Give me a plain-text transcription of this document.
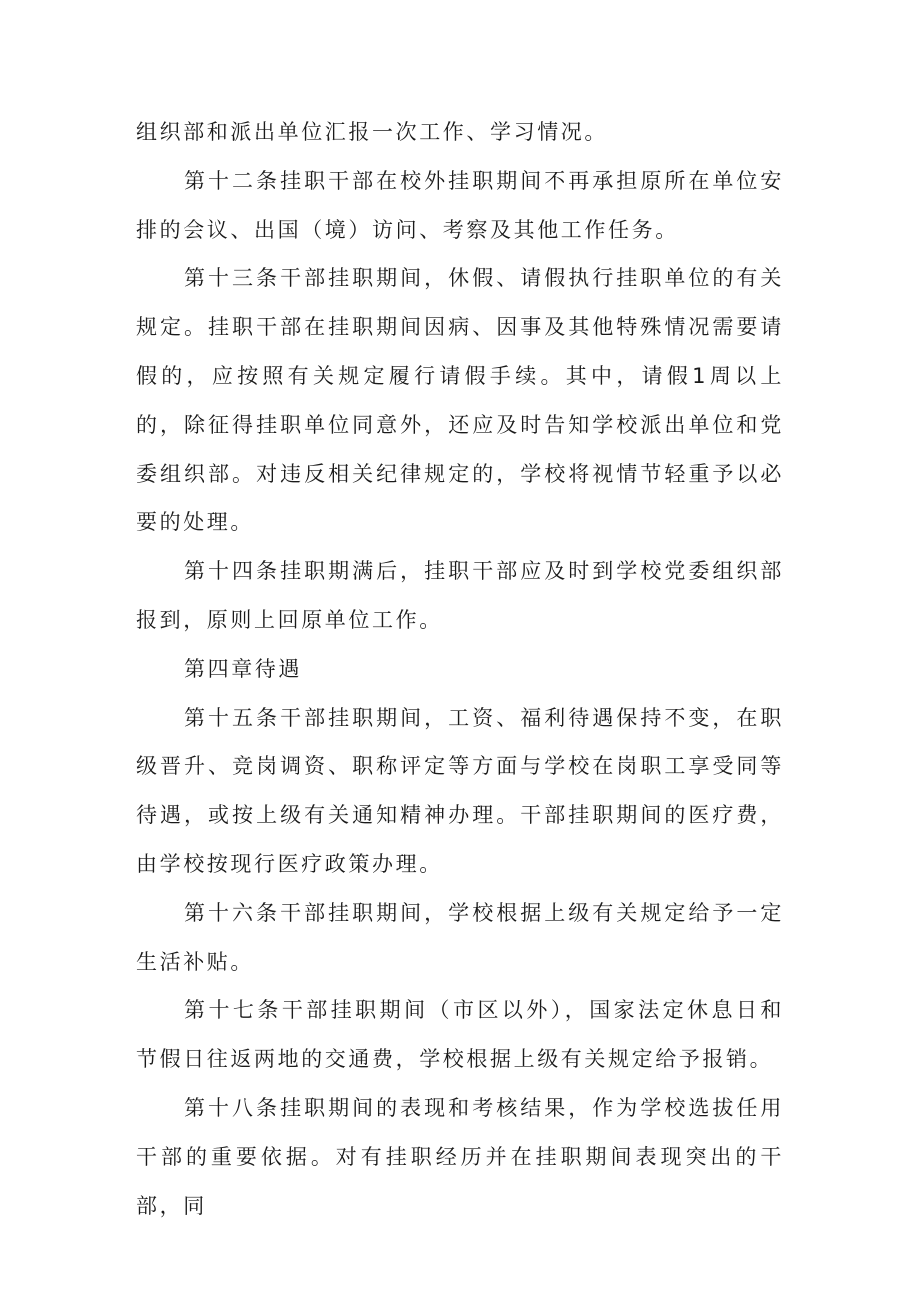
组织部和派出单位汇报一次工作、学习情况。

第十二条挂职干部在校外挂职期间不再承担原所在单位安排的会议、出国（境）访问、考察及其他工作任务。

第十三条干部挂职期间，休假、请假执行挂职单位的有关规定。挂职干部在挂职期间因病、因事及其他特殊情况需要请假的，应按照有关规定履行请假手续。其中，请假1周以上的，除征得挂职单位同意外，还应及时告知学校派出单位和党委组织部。对违反相关纪律规定的，学校将视情节轻重予以必要的处理。

第十四条挂职期满后，挂职干部应及时到学校党委组织部报到，原则上回原单位工作。

第四章待遇

第十五条干部挂职期间，工资、福利待遇保持不变，在职级晋升、竞岗调资、职称评定等方面与学校在岗职工享受同等待遇，或按上级有关通知精神办理。干部挂职期间的医疗费，由学校按现行医疗政策办理。

第十六条干部挂职期间，学校根据上级有关规定给予一定生活补贴。

第十七条干部挂职期间（市区以外），国家法定休息日和节假日往返两地的交通费，学校根据上级有关规定给予报销。

第十八条挂职期间的表现和考核结果，作为学校选拔任用干部的重要依据。对有挂职经历并在挂职期间表现突出的干部，同
